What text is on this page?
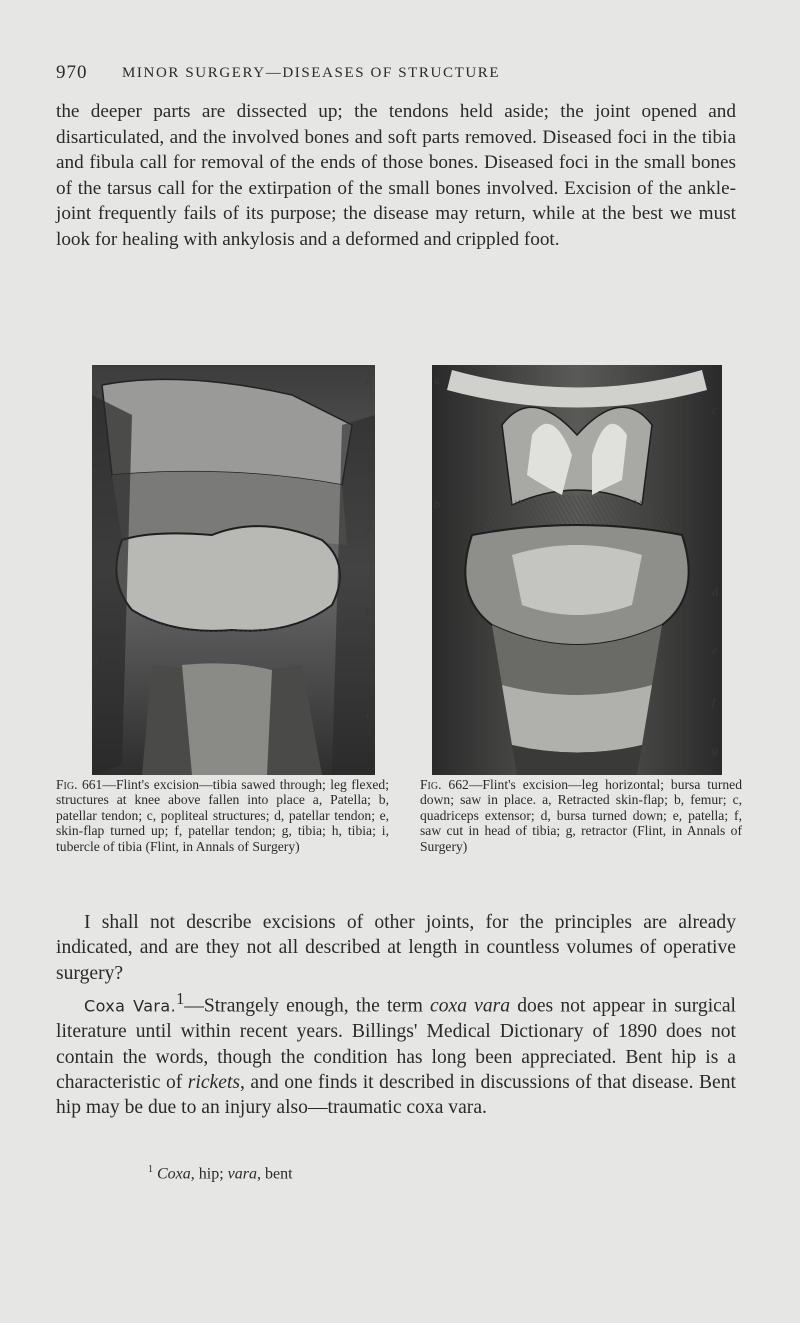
970 MINOR SURGERY—DISEASES OF STRUCTURE

the deeper parts are dissected up; the tendons held aside; the joint opened and disarticulated, and the involved bones and soft parts removed. Diseased foci in the tibia and fibula call for removal of the ends of those bones. Diseased foci in the small bones of the tarsus call for the extirpation of the small bones involved. Excision of the ankle-joint frequently fails of its purpose; the disease may return, while at the best we must look for healing with ankylosis and a deformed and crippled foot.

a
b
c
d
e
g
h
i
a
b
c
d
e
f
g

Fig. 661—Flint's excision—tibia sawed through; leg flexed; structures at knee above fallen into place a, Patella; b, patellar tendon; c, popliteal structures; d, patellar tendon; e, skin-flap turned up; f, patellar tendon; g, tibia; h, tibia; i, tubercle of tibia (Flint, in Annals of Surgery)

Fig. 662—Flint's excision—leg horizontal; bursa turned down; saw in place. a, Retracted skin-flap; b, femur; c, quadriceps extensor; d, bursa turned down; e, patella; f, saw cut in head of tibia; g, retractor (Flint, in Annals of Surgery)

I shall not describe excisions of other joints, for the principles are already indicated, and are they not all described at length in countless volumes of operative surgery?

Coxa Vara.$^1$—Strangely enough, the term coxa vara does not appear in surgical literature until within recent years. Billings' Medical Dictionary of 1890 does not contain the words, though the condition has long been appreciated. Bent hip is a characteristic of rickets, and one finds it described in discussions of that disease. Bent hip may be due to an injury also—traumatic coxa vara.

$^1$ Coxa, hip; vara, bent
